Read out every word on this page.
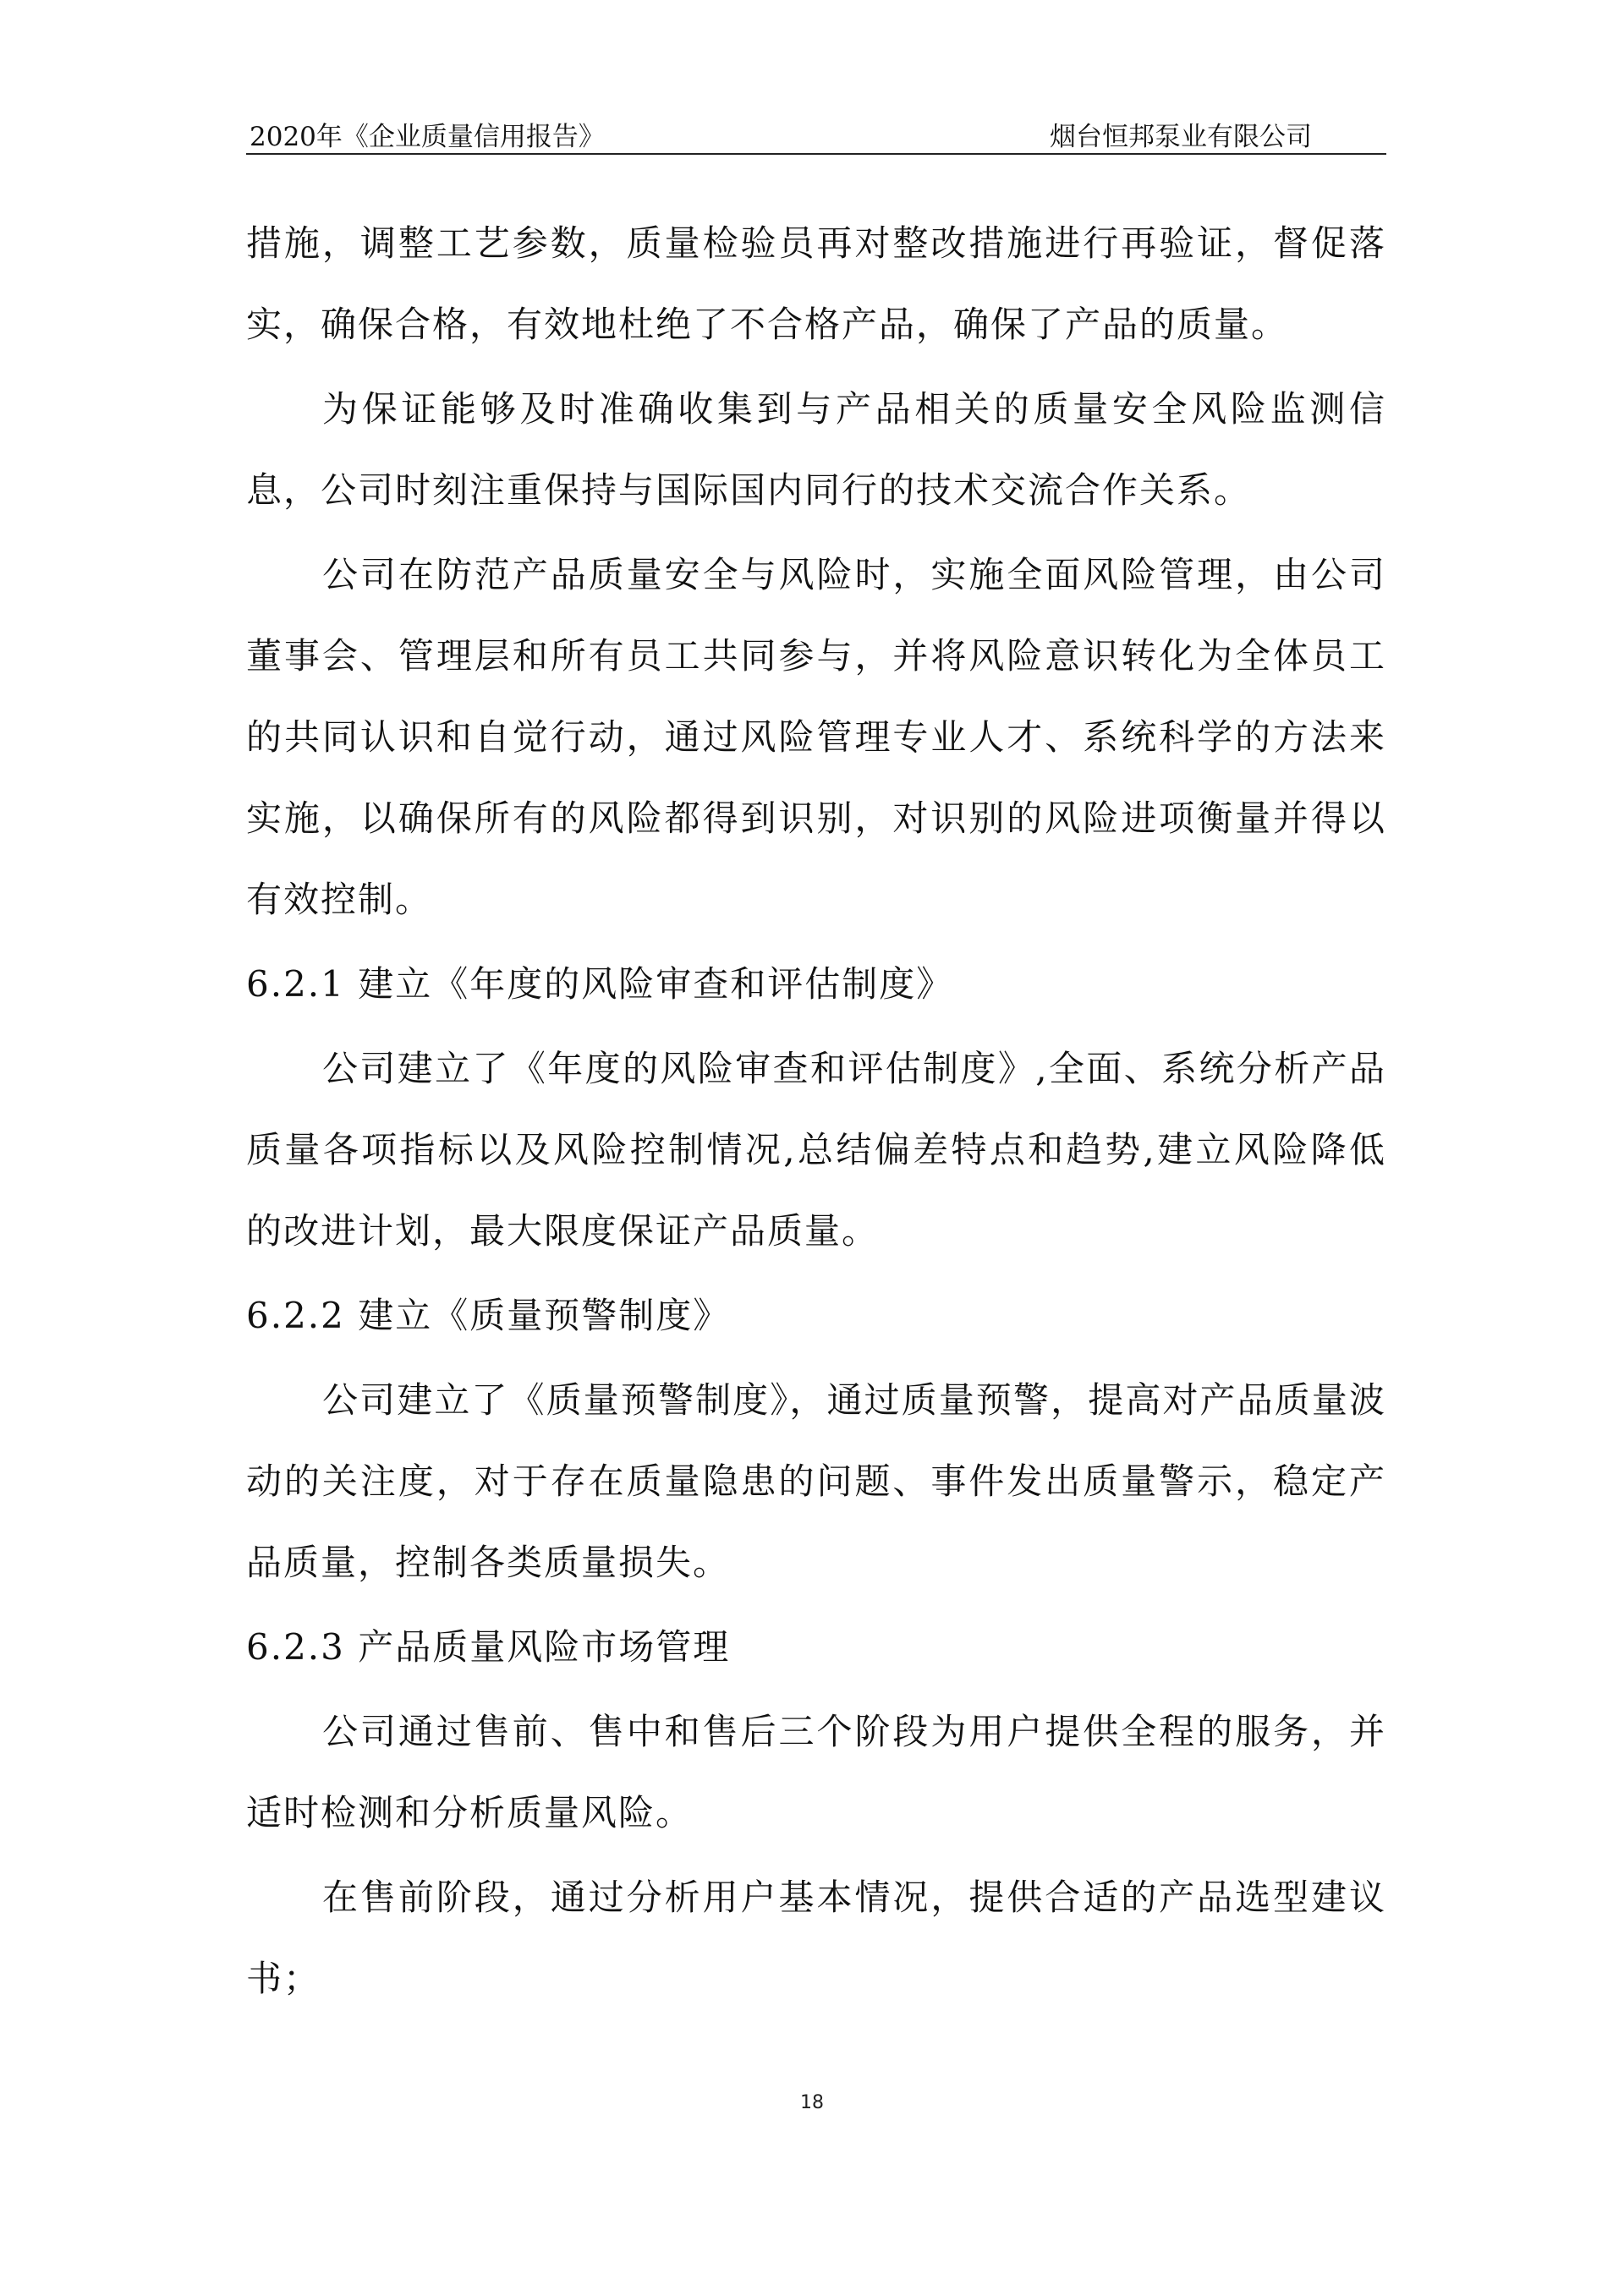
2020年《企业质量信用报告》	烟台恒邦泵业有限公司

措施，调整工艺参数，质量检验员再对整改措施进行再验证，督促落实，确保合格，有效地杜绝了不合格产品，确保了产品的质量。

为保证能够及时准确收集到与产品相关的质量安全风险监测信息，公司时刻注重保持与国际国内同行的技术交流合作关系。

公司在防范产品质量安全与风险时，实施全面风险管理，由公司董事会、管理层和所有员工共同参与，并将风险意识转化为全体员工的共同认识和自觉行动，通过风险管理专业人才、系统科学的方法来实施，以确保所有的风险都得到识别，对识别的风险进项衡量并得以有效控制。

6.2.1 建立《年度的风险审查和评估制度》

公司建立了《年度的风险审查和评估制度》,全面、系统分析产品质量各项指标以及风险控制情况,总结偏差特点和趋势,建立风险降低的改进计划，最大限度保证产品质量。

6.2.2 建立《质量预警制度》

公司建立了《质量预警制度》，通过质量预警，提高对产品质量波动的关注度，对于存在质量隐患的问题、事件发出质量警示，稳定产品质量，控制各类质量损失。

6.2.3 产品质量风险市场管理

公司通过售前、售中和售后三个阶段为用户提供全程的服务，并适时检测和分析质量风险。

在售前阶段，通过分析用户基本情况，提供合适的产品选型建议书；

18
